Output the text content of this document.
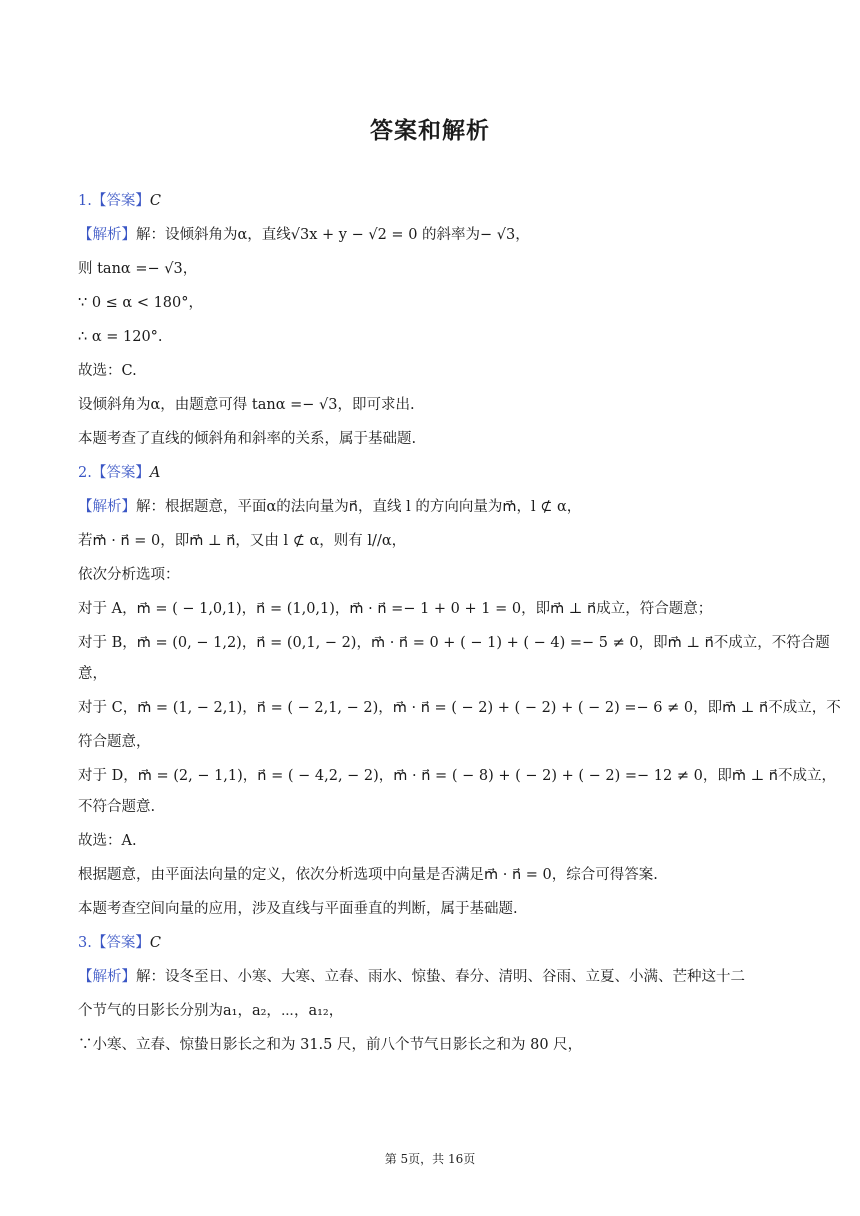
答案和解析
1.【答案】C
【解析】解：设倾斜角为α，直线√3x + y − √2 = 0 的斜率为− √3，
则 tanα =− √3，
∵ 0 ≤ α < 180°，
∴ α = 120°.
故选：C.
设倾斜角为α，由题意可得 tanα =− √3，即可求出.
本题考查了直线的倾斜角和斜率的关系，属于基础题.
2.【答案】A
【解析】解：根据题意，平面α的法向量为n⃗，直线 l 的方向向量为m⃗，l ⊄ α，
若m⃗ · n⃗ = 0，即m⃗ ⊥ n⃗，又由 l ⊄ α，则有 l//α，
依次分析选项：
对于 A，m⃗ = ( − 1,0,1)，n⃗ = (1,0,1)，m⃗ · n⃗ =− 1 + 0 + 1 = 0，即m⃗ ⊥ n⃗成立，符合题意；
对于 B，m⃗ = (0, − 1,2)，n⃗ = (0,1, − 2)，m⃗ · n⃗ = 0 + ( − 1) + ( − 4) =− 5 ≠ 0，即m⃗ ⊥ n⃗不成立，不符合题
意，
对于 C，m⃗ = (1, − 2,1)，n⃗ = ( − 2,1, − 2)，m⃗ · n⃗ = ( − 2) + ( − 2) + ( − 2) =− 6 ≠ 0，即m⃗ ⊥ n⃗不成立，不
符合题意，
对于 D，m⃗ = (2, − 1,1)，n⃗ = ( − 4,2, − 2)，m⃗ · n⃗ = ( − 8) + ( − 2) + ( − 2) =− 12 ≠ 0，即m⃗ ⊥ n⃗不成立，
不符合题意.
故选：A.
根据题意，由平面法向量的定义，依次分析选项中向量是否满足m⃗ · n⃗ = 0，综合可得答案.
本题考查空间向量的应用，涉及直线与平面垂直的判断，属于基础题.
3.【答案】C
【解析】解：设冬至日、小寒、大寒、立春、雨水、惊蛰、春分、清明、谷雨、立夏、小满、芒种这十二
个节气的日影长分别为a₁，a₂，⋯，a₁₂，
∵小寒、立春、惊蛰日影长之和为 31.5 尺，前八个节气日影长之和为 80 尺，
第 5页，共 16页
